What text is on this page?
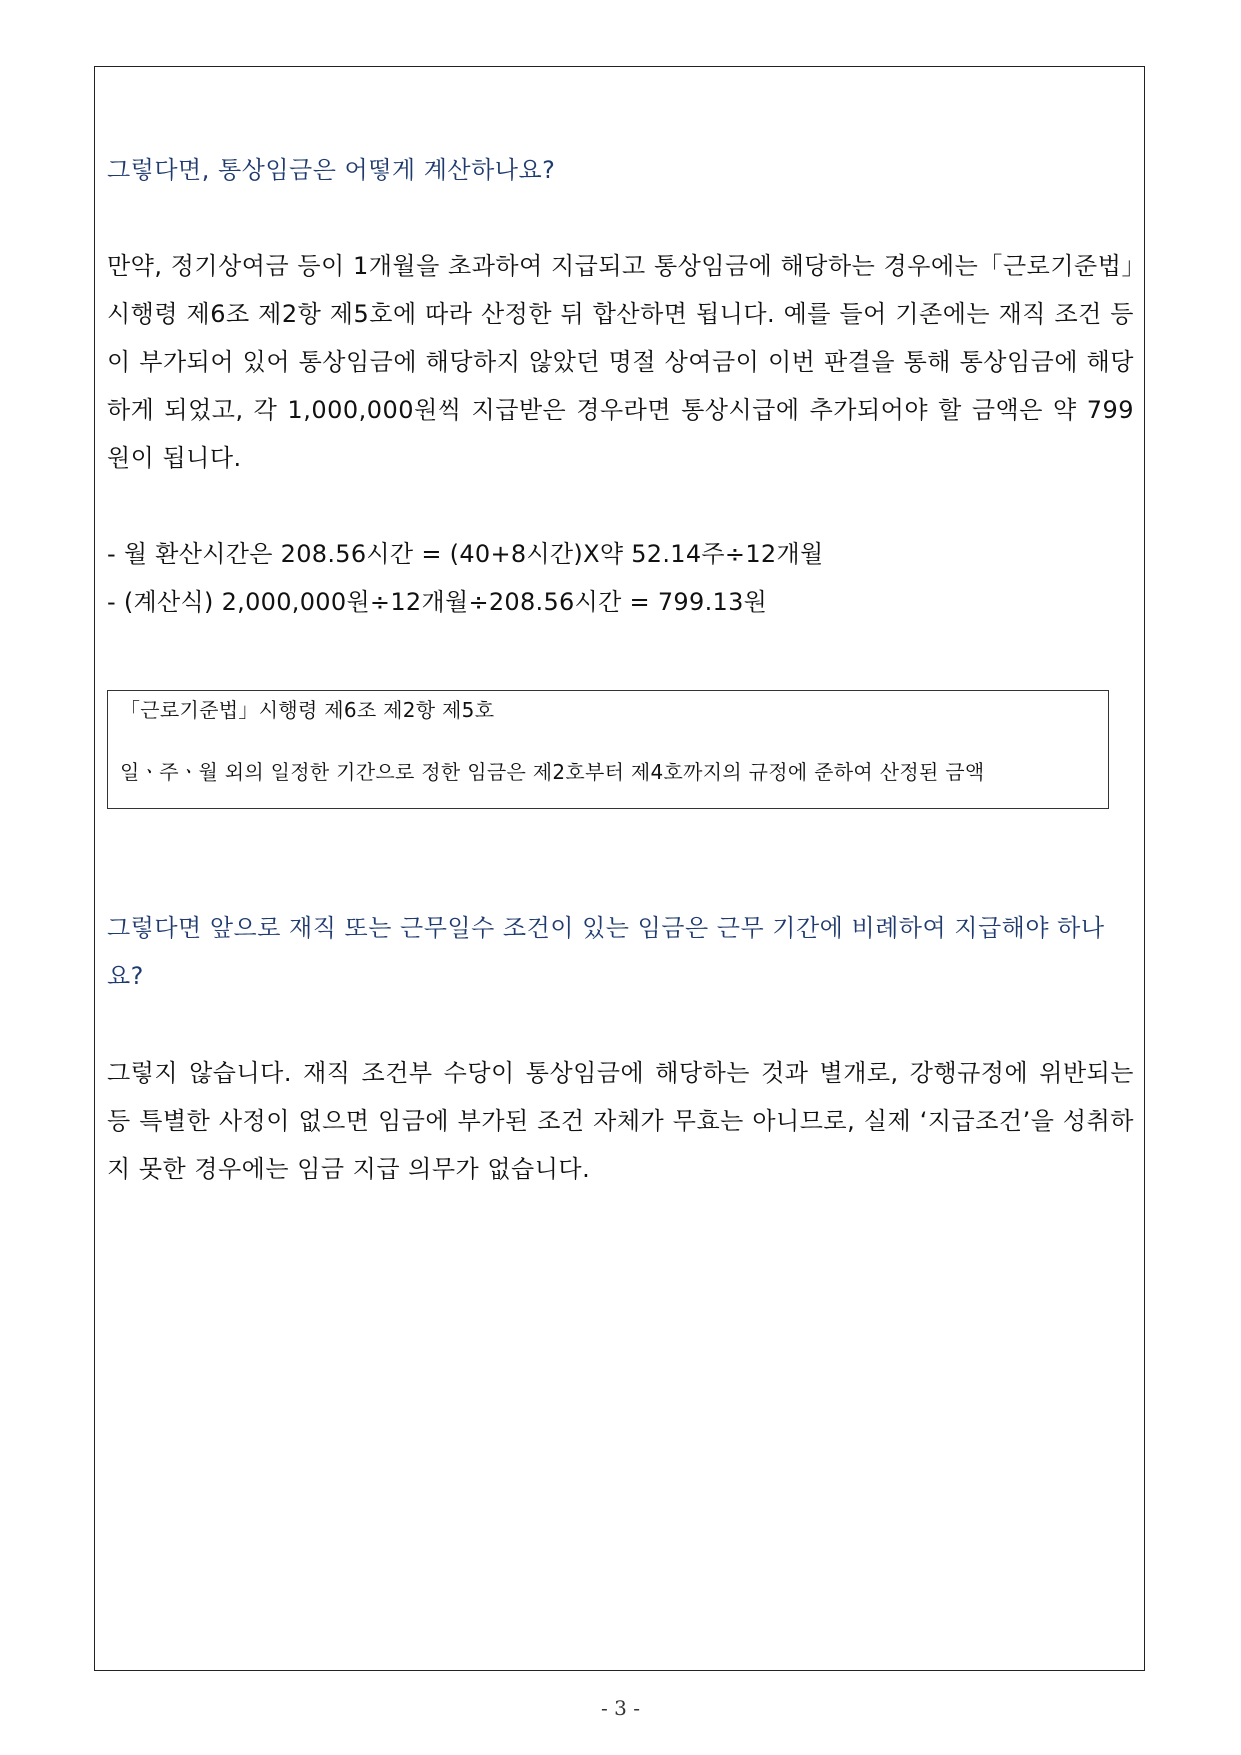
그렇다면, 통상임금은 어떻게 계산하나요?

만약, 정기상여금 등이 1개월을 초과하여 지급되고 통상임금에 해당하는 경우에는「근로기준법」시행령 제6조 제2항 제5호에 따라 산정한 뒤 합산하면 됩니다. 예를 들어 기존에는 재직 조건 등이 부가되어 있어 통상임금에 해당하지 않았던 명절 상여금이 이번 판결을 통해 통상임금에 해당하게 되었고, 각 1,000,000원씩 지급받은 경우라면 통상시급에 추가되어야 할 금액은 약 799원이 됩니다.

- 월 환산시간은 208.56시간 = (40+8시간)X약 52.14주÷12개월

- (계산식) 2,000,000원÷12개월÷208.56시간 = 799.13원

「근로기준법」시행령 제6조 제2항 제5호

일ㆍ주ㆍ월 외의 일정한 기간으로 정한 임금은 제2호부터 제4호까지의 규정에 준하여 산정된 금액

그렇다면 앞으로 재직 또는 근무일수 조건이 있는 임금은 근무 기간에 비례하여 지급해야 하나요?

그렇지 않습니다. 재직 조건부 수당이 통상임금에 해당하는 것과 별개로, 강행규정에 위반되는 등 특별한 사정이 없으면 임금에 부가된 조건 자체가 무효는 아니므로, 실제 ‘지급조건’을 성취하지 못한 경우에는 임금 지급 의무가 없습니다.

- 3 -
